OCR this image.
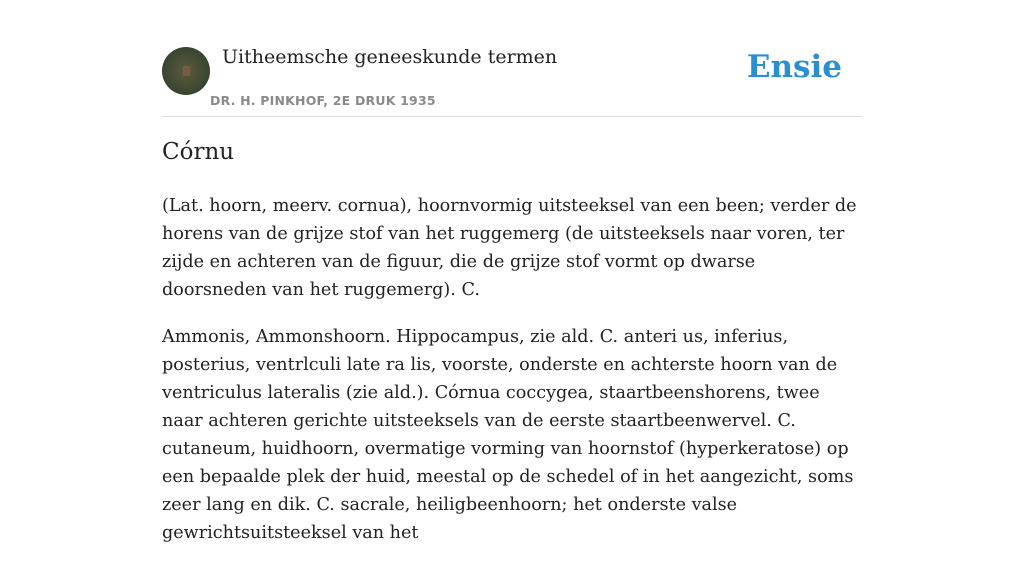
Uitheemsche geneeskunde termen
DR. H. PINKHOF, 2E DRUK 1935
Ensie
Córnu

(Lat. hoorn, meerv. cornua), hoornvormig uitsteeksel van een been; verder de horens van de grijze stof van het ruggemerg (de uitsteeksels naar voren, ter zijde en achteren van de figuur, die de grijze stof vormt op dwarse doorsneden van het ruggemerg). C.

Ammonis, Ammonshoorn. Hippocampus, zie ald. C. anteri us, inferius, posterius, ventrlculi late ra lis, voorste, onderste en achterste hoorn van de ventriculus lateralis (zie ald.). Córnua coccygea, staartbeenshorens, twee naar achteren gerichte uitsteeksels van de eerste staartbeenwervel. C. cutaneum, huidhoorn, overmatige vorming van hoornstof (hyperkeratose) op een bepaalde plek der huid, meestal op de schedel of in het aangezicht, soms zeer lang en dik. C. sacrale, heiligbeenhoorn; het onderste valse gewrichtsuitsteeksel van het
